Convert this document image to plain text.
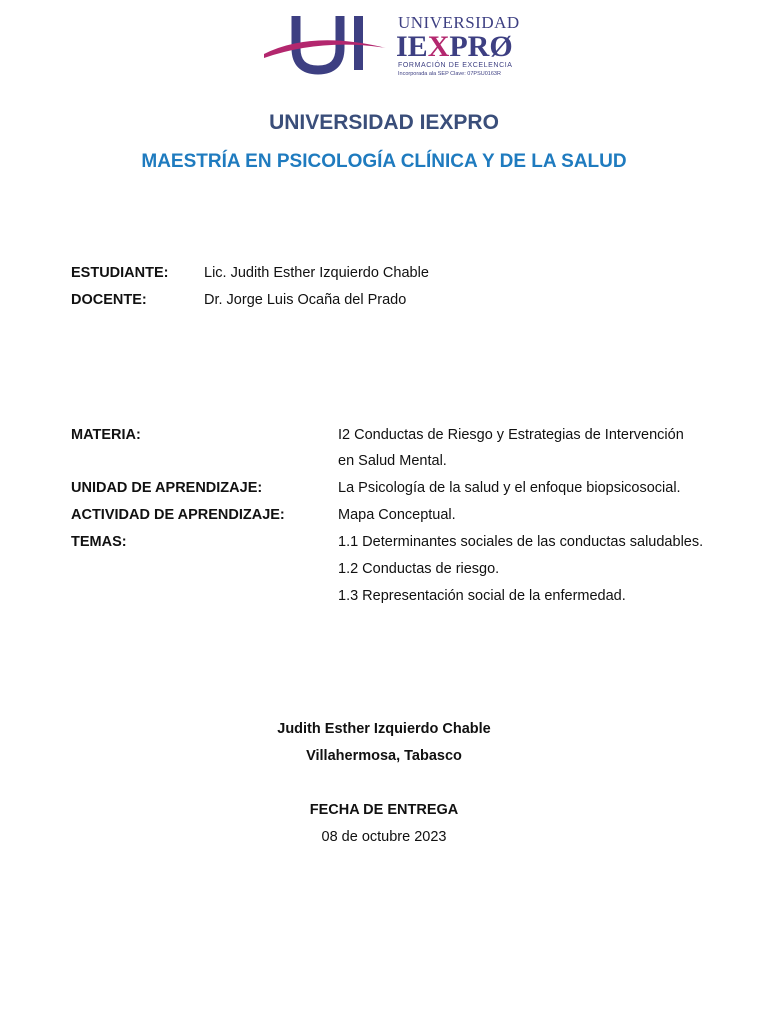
UNIVERSIDAD
IEXPRØ
FORMACIÓN DE EXCELENCIA
Incorporada ala SEP Clave: 07PSU0163R
UNIVERSIDAD IEXPRO
MAESTRÍA EN PSICOLOGÍA CLÍNICA Y DE LA SALUD
ESTUDIANTE: Lic. Judith Esther Izquierdo Chable
DOCENTE:	Dr. Jorge Luis Ocaña del Prado
MATERIA:	I2 Conductas de Riesgo y Estrategias de Intervención
en Salud Mental.
UNIDAD DE APRENDIZAJE:	La Psicología de la salud y el enfoque biopsicosocial.
ACTIVIDAD DE APRENDIZAJE:	Mapa Conceptual.
TEMAS:	1.1 Determinantes sociales de las conductas saludables.
1.2 Conductas de riesgo.
1.3 Representación social de la enfermedad.
Judith Esther Izquierdo Chable
Villahermosa, Tabasco
FECHA DE ENTREGA
08 de octubre 2023
